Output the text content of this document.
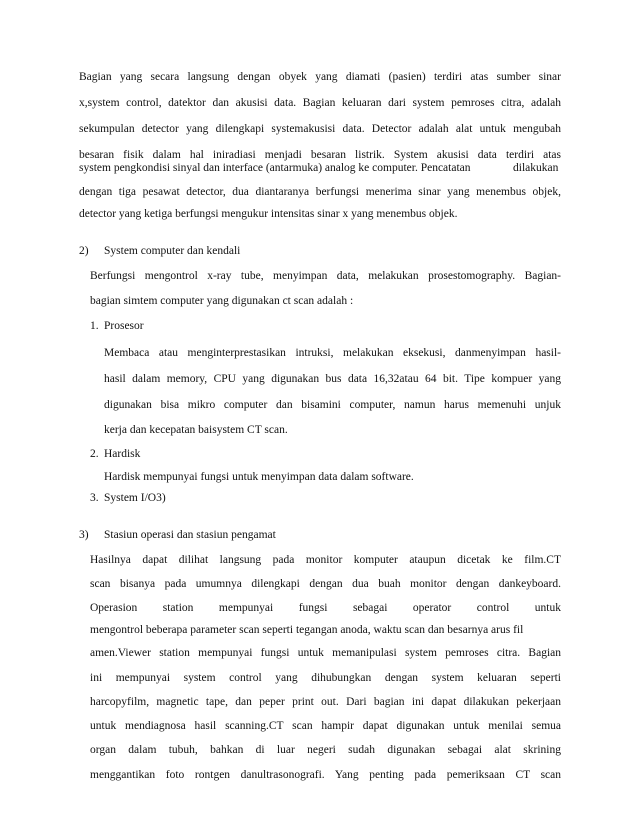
Bagian yang secara langsung dengan obyek yang diamati (pasien) terdiri atas sumber sinar
x,system control, datektor dan akusisi data. Bagian keluaran dari system pemroses citra, adalah
sekumpulan detector yang dilengkapi systemakusisi data. Detector adalah alat untuk mengubah
besaran fisik dalam hal iniradiasi menjadi besaran listrik. System akusisi data terdiri atas
system pengkondisi sinyal dan interface (antarmuka) analog ke computer. Pencatatan	dilakukan
dengan tiga pesawat detector, dua diantaranya berfungsi menerima sinar yang menembus objek,
detector yang ketiga berfungsi mengukur intensitas sinar x yang menembus objek.
2) System computer dan kendali
Berfungsi mengontrol x-ray tube, menyimpan data, melakukan prosestomography. Bagian-
bagian simtem computer yang digunakan ct scan adalah :
1. Prosesor
Membaca atau menginterprestasikan intruksi, melakukan eksekusi, danmenyimpan hasil-
hasil dalam memory, CPU yang digunakan bus data 16,32atau 64 bit. Tipe kompuer yang
digunakan bisa mikro computer dan bisamini computer, namun harus memenuhi unjuk
kerja dan kecepatan baisystem CT scan.
2. Hardisk
Hardisk mempunyai fungsi untuk menyimpan data dalam software.
3. System I/O3)
3) Stasiun operasi dan stasiun pengamat
Hasilnya dapat dilihat langsung pada monitor komputer ataupun dicetak ke film.CT
scan bisanya pada umumnya dilengkapi dengan dua buah monitor dengan dankeyboard.
Operasion station mempunyai fungsi sebagai operator control untuk
mengontrol beberapa parameter scan seperti tegangan anoda, waktu scan dan besarnya arus fil
amen.Viewer station mempunyai fungsi untuk memanipulasi system pemroses citra. Bagian
ini mempunyai system control yang dihubungkan dengan system keluaran seperti
harcopyfilm, magnetic tape, dan peper print out. Dari bagian ini dapat dilakukan pekerjaan
untuk mendiagnosa hasil scanning.CT scan hampir dapat digunakan untuk menilai semua
organ dalam tubuh, bahkan di luar negeri sudah digunakan sebagai alat skrining
menggantikan foto rontgen danultrasonografi. Yang penting pada pemeriksaan CT scan
